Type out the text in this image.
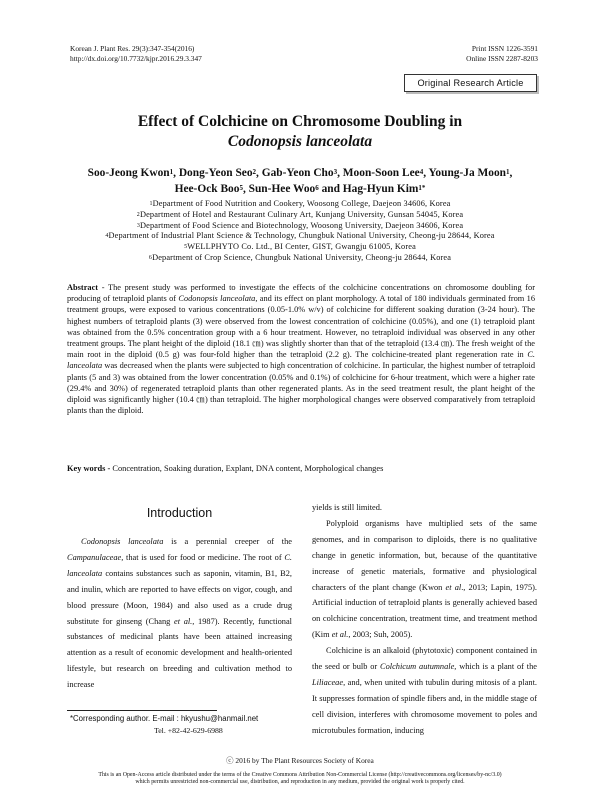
Korean J. Plant Res. 29(3):347-354(2016)
http://dx.doi.org/10.7732/kjpr.2016.29.3.347
Print ISSN 1226-3591
Online ISSN 2287-8203
Original Research Article
Effect of Colchicine on Chromosome Doubling in
Codonopsis lanceolata
Soo-Jeong Kwon$^1$, Dong-Yeon Seo$^2$, Gab-Yeon Cho$^3$, Moon-Soon Lee$^4$, Young-Ja Moon$^1$,
Hee-Ock Boo$^5$, Sun-Hee Woo$^6$ and Hag-Hyun Kim$^{1*}$
$^1$Department of Food Nutrition and Cookery, Woosong College, Daejeon 34606, Korea
$^2$Department of Hotel and Restaurant Culinary Art, Kunjang University, Gunsan 54045, Korea
$^3$Department of Food Science and Biotechnology, Woosong University, Daejeon 34606, Korea
$^4$Department of Industrial Plant Science & Technology, Chungbuk National University, Cheong-ju 28644, Korea
$^5$WELLPHYTO Co. Ltd., BI Center, GIST, Gwangju 61005, Korea
$^6$Department of Crop Science, Chungbuk National University, Cheong-ju 28644, Korea
Abstract - The present study was performed to investigate the effects of the colchicine concentrations on chromosome doubling for producing of tetraploid plants of Codonopsis lanceolata, and its effect on plant morphology. A total of 180 individuals germinated from 16 treatment groups, were exposed to various concentrations (0.05-1.0% w/v) of colchicine for different soaking duration (3-24 hour). The highest numbers of tetraploid plants (3) were observed from the lowest concentration of colchicine (0.05%), and one (1) tetraploid plant was obtained from the 0.5% concentration group with a 6 hour treatment. However, no tetraploid individual was observed in any other treatment groups. The plant height of the diploid (18.1 ㎝) was slightly shorter than that of the tetraploid (13.4 ㎝). The fresh weight of the main root in the diploid (0.5 g) was four-fold higher than the tetraploid (2.2 g). The colchicine-treated plant regeneration rate in C. lanceolata was decreased when the plants were subjected to high concentration of colchicine. In particular, the highest number of tetraploid plants (5 and 3) was obtained from the lower concentration (0.05% and 0.1%) of colchicine for 6-hour treatment, which were a higher rate (29.4% and 30%) of regenerated tetraploid plants than other regenerated plants. As in the seed treatment result, the plant height of the diploid was significantly higher (10.4 ㎝) than tetraploid. The higher morphological changes were observed comparatively from tetraploid plants than the diploid.
Key words - Concentration, Soaking duration, Explant, DNA content, Morphological changes
Introduction
Codonopsis lanceolata is a perennial creeper of the Campanulaceae, that is used for food or medicine. The root of C. lanceolata contains substances such as saponin, vitamin, B1, B2, and inulin, which are reported to have effects on vigor, cough, and blood pressure (Moon, 1984) and also used as a crude drug substitute for ginseng (Chang et al., 1987). Recently, functional substances of medicinal plants have been attained increasing attention as a result of economic development and health-oriented lifestyle, but research on breeding and cultivation method to increase

yields is still limited.

Polyploid organisms have multiplied sets of the same genomes, and in comparison to diploids, there is no qualitative change in genetic information, but, because of the quantitative increase of genetic materials, formative and physiological characters of the plant change (Kwon et al., 2013; Lapin, 1975). Artificial induction of tetraploid plants is generally achieved based on colchicine concentration, treatment time, and treatment method (Kim et al., 2003; Suh, 2005).

Colchicine is an alkaloid (phytotoxic) component contained in the seed or bulb or Colchicum autumnale, which is a plant of the Liliaceae, and, when united with tubulin during mitosis of a plant. It suppresses formation of spindle fibers and, in the middle stage of cell division, interferes with chromosome movement to poles and microtubules formation, inducing

*Corresponding author. E-mail : hkyushu@hanmail.net
Tel. +82-42-629-6988
ⓒ 2016 by The Plant Resources Society of Korea
This is an Open-Access article distributed under the terms of the Creative Commons Attribution Non-Commercial License (http://creativecommons.org/licenses/by-nc/3.0)
which permits unrestricted non-commercial use, distribution, and reproduction in any medium, provided the original work is properly cited.
